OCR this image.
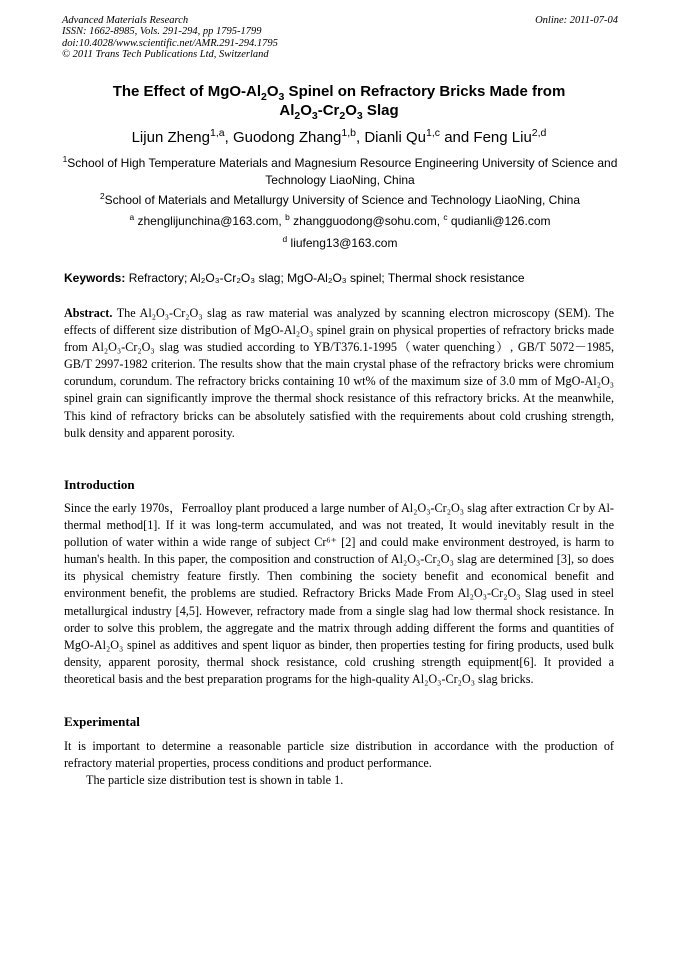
Advanced Materials Research
ISSN: 1662-8985, Vols. 291-294, pp 1795-1799
doi:10.4028/www.scientific.net/AMR.291-294.1795
© 2011 Trans Tech Publications Ltd, Switzerland
Online: 2011-07-04
The Effect of MgO-$Al_2O_3$ Spinel on Refractory Bricks Made from
$Al_2O_3-Cr_2O_3$ Slag
Lijun Zheng$^{1,a}$, Guodong Zhang$^{1,b}$, Dianli Qu$^{1,c}$ and Feng Liu$^{2,d}$
$^1$School of High Temperature Materials and Magnesium Resource Engineering University of Science and Technology LiaoNing, China
$^2$School of Materials and Metallurgy University of Science and Technology LiaoNing, China
$^a$ zhenglijunchina@163.com, $^b$ zhangguodong@sohu.com, $^c$ qudianli@126.com
$^d$ liufeng13@163.com
Keywords: Refractory; Al₂O₃-Cr₂O₃ slag; MgO-Al₂O₃ spinel; Thermal shock resistance
Abstract. The Al₂O₃-Cr₂O₃ slag as raw material was analyzed by scanning electron microscopy (SEM). The effects of different size distribution of MgO-Al₂O₃ spinel grain on physical properties of refractory bricks made from Al₂O₃-Cr₂O₃ slag was studied according to YB/T376.1-1995（water quenching）, GB/T 5072－1985, GB/T 2997-1982 criterion. The results show that the main crystal phase of the refractory bricks were chromium corundum, corundum. The refractory bricks containing 10 wt% of the maximum size of 3.0 mm of MgO-Al₂O₃ spinel grain can significantly improve the thermal shock resistance of this refractory bricks. At the meanwhile, This kind of refractory bricks can be absolutely satisfied with the requirements about cold crushing strength, bulk density and apparent porosity.
Introduction
Since the early 1970s，Ferroalloy plant produced a large number of Al₂O₃-Cr₂O₃ slag after extraction Cr by Al-thermal method[1]. If it was long-term accumulated, and was not treated, It would inevitably result in the pollution of water within a wide range of subject Cr⁶⁺ [2] and could make environment destroyed, is harm to human's health. In this paper, the composition and construction of Al₂O₃-Cr₂O₃ slag are determined [3], so does its physical chemistry feature firstly. Then combining the society benefit and economical benefit and environment benefit, the problems are studied. Refractory Bricks Made From Al₂O₃-Cr₂O₃ Slag used in steel metallurgical industry [4,5]. However, refractory made from a single slag had low thermal shock resistance. In order to solve this problem, the aggregate and the matrix through adding different the forms and quantities of MgO-Al₂O₃ spinel as additives and spent liquor as binder, then properties testing for firing products, used bulk density, apparent porosity, thermal shock resistance, cold crushing strength equipment[6]. It provided a theoretical basis and the best preparation programs for the high-quality Al₂O₃-Cr₂O₃ slag bricks.
Experimental
It is important to determine a reasonable particle size distribution in accordance with the production of refractory material properties, process conditions and product performance.
The particle size distribution test is shown in table 1.
